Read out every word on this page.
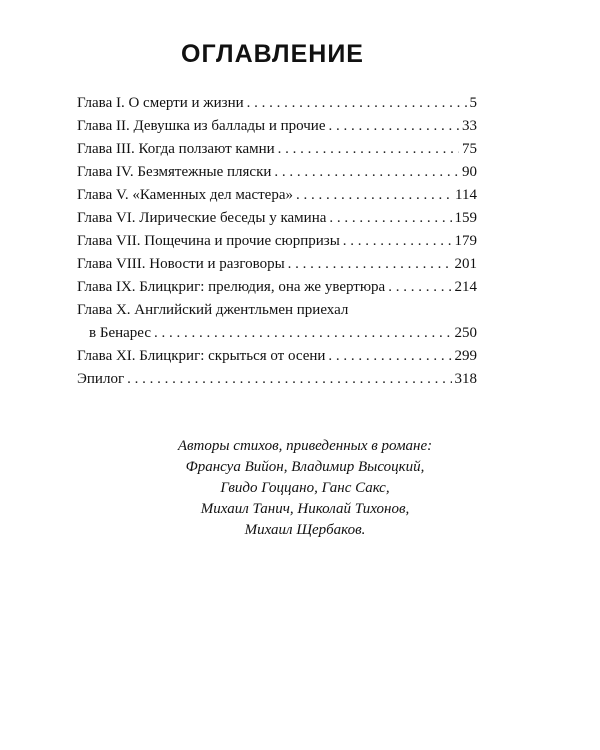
ОГЛАВЛЕНИЕ
Глава I. О смерти и жизни . . .	5
Глава II. Девушка из баллады и прочие . . .	33
Глава III. Когда ползают камни . . .	75
Глава IV. Безмятежные пляски . . .	90
Глава V. «Каменных дел мастера» . . .	114
Глава VI. Лирические беседы у камина . . .	159
Глава VII. Пощечина и прочие сюрпризы . . .	179
Глава VIII. Новости и разговоры . . .	201
Глава IX. Блицкриг: прелюдия, она же увертюра . . .	214
Глава X. Английский джентльмен приехал
в Бенарес . . .	250
Глава XI. Блицкриг: скрыться от осени . . .	299
Эпилог . . .	318
Авторы стихов, приведенных в романе:
Франсуа Вийон, Владимир Высоцкий,
Гвидо Гоццано, Ганс Сакс,
Михаил Танич, Николай Тихонов,
Михаил Щербаков.
